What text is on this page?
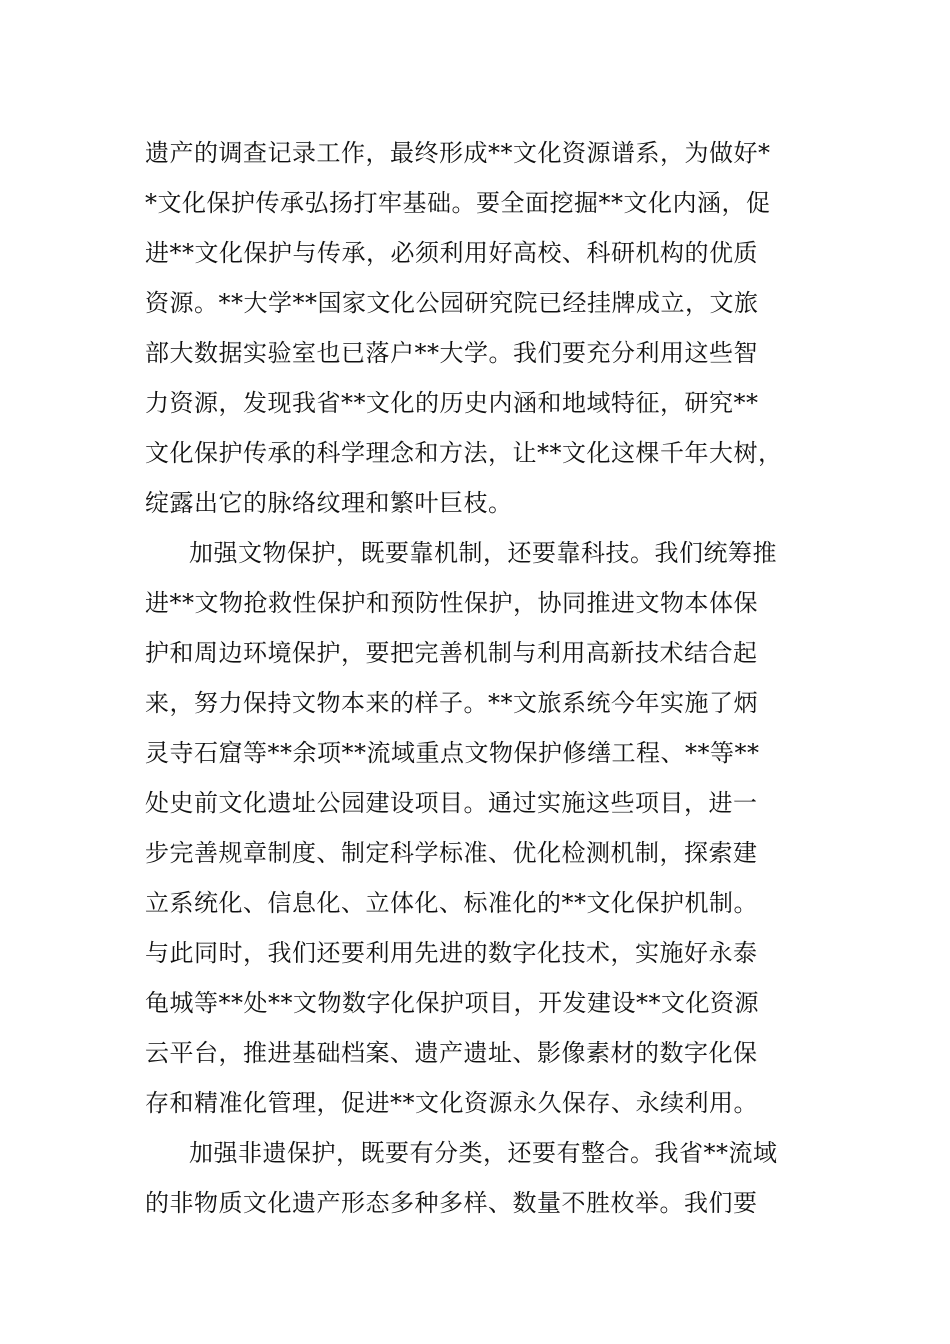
遗产的调查记录工作，最终形成**文化资源谱系，为做好*
*文化保护传承弘扬打牢基础。要全面挖掘**文化内涵，促
进**文化保护与传承，必须利用好高校、科研机构的优质
资源。**大学**国家文化公园研究院已经挂牌成立，文旅
部大数据实验室也已落户**大学。我们要充分利用这些智
力资源，发现我省**文化的历史内涵和地域特征，研究**
文化保护传承的科学理念和方法，让**文化这棵千年大树，
绽露出它的脉络纹理和繁叶巨枝。

加强文物保护，既要靠机制，还要靠科技。我们统筹推
进**文物抢救性保护和预防性保护，协同推进文物本体保
护和周边环境保护，要把完善机制与利用高新技术结合起
来，努力保持文物本来的样子。**文旅系统今年实施了炳
灵寺石窟等**余项**流域重点文物保护修缮工程、**等**
处史前文化遗址公园建设项目。通过实施这些项目，进一
步完善规章制度、制定科学标准、优化检测机制，探索建
立系统化、信息化、立体化、标准化的**文化保护机制。
与此同时，我们还要利用先进的数字化技术，实施好永泰
龟城等**处**文物数字化保护项目，开发建设**文化资源
云平台，推进基础档案、遗产遗址、影像素材的数字化保
存和精准化管理，促进**文化资源永久保存、永续利用。

加强非遗保护，既要有分类，还要有整合。我省**流域
的非物质文化遗产形态多种多样、数量不胜枚举。我们要
